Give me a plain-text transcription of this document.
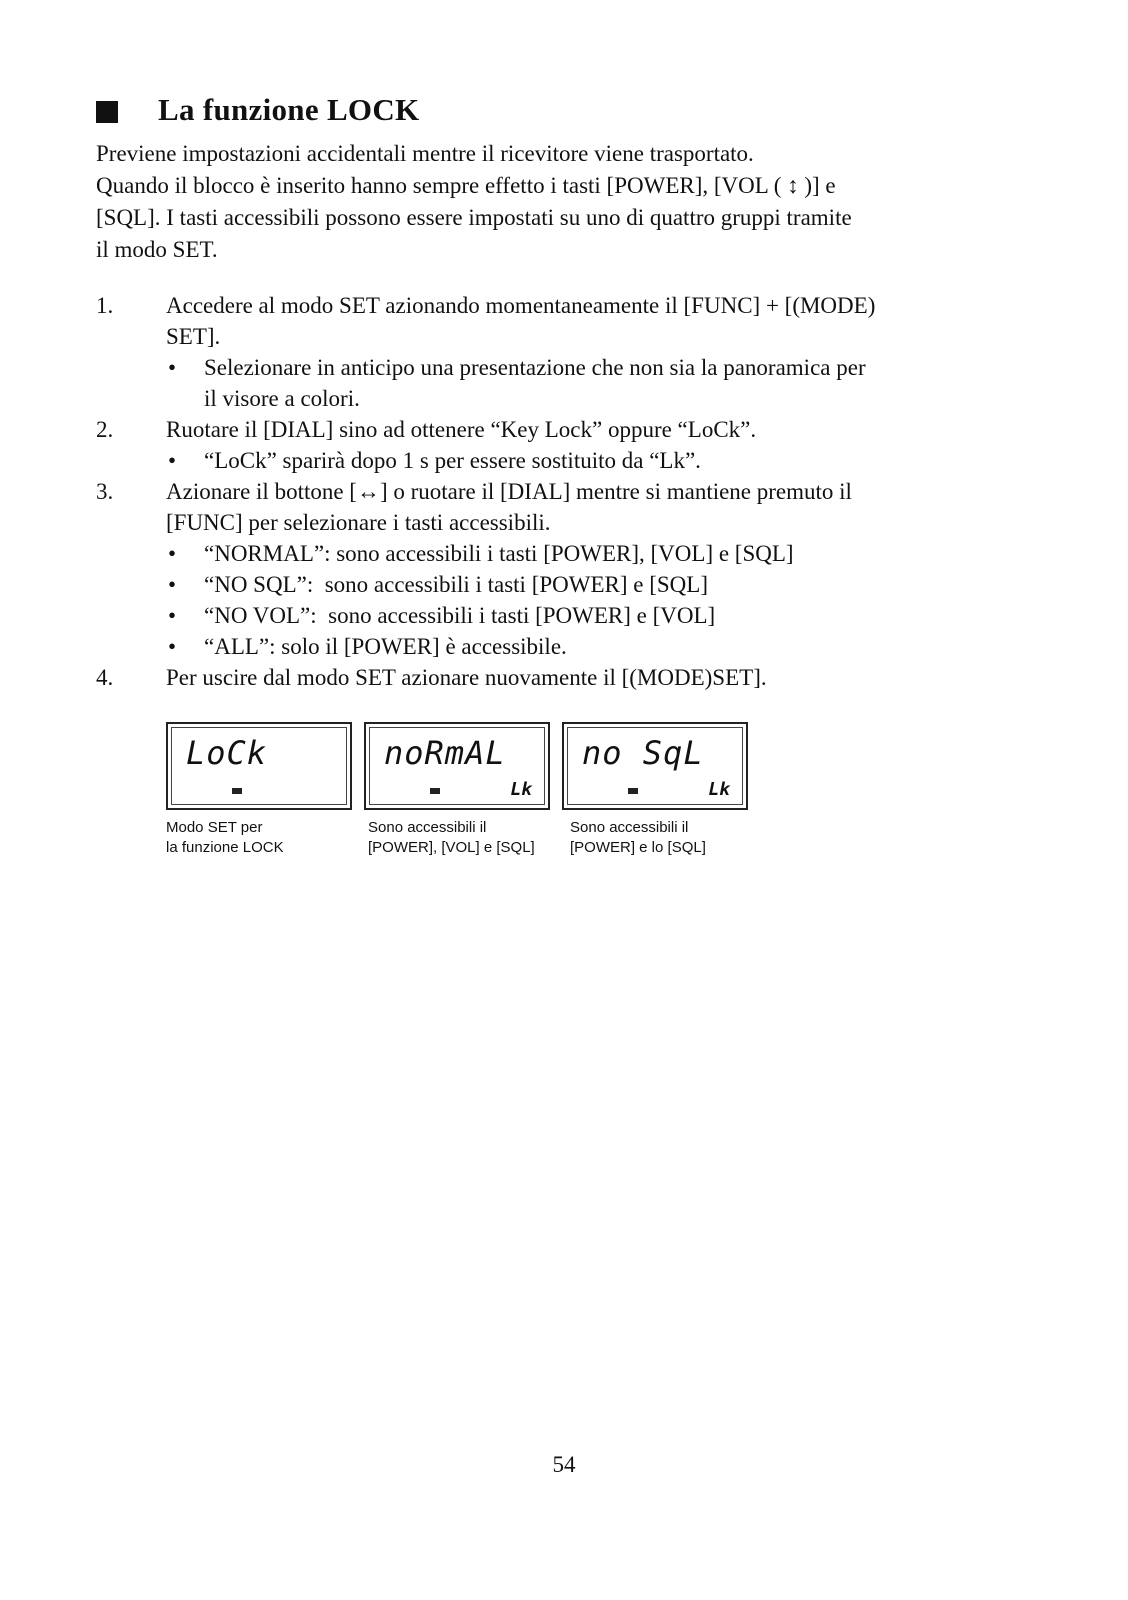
La funzione LOCK

Previene impostazioni accidentali mentre il ricevitore viene trasportato.

Quando il blocco è inserito hanno sempre effetto i tasti [POWER], [VOL ( ↕ )] e

[SQL]. I tasti accessibili possono essere impostati su uno di quattro gruppi tramite

il modo SET.

1.	Accedere al modo SET azionando momentaneamente il [FUNC] + [(MODE)
SET].
•	Selezionare in anticipo una presentazione che non sia la panoramica per
il visore a colori.
2.	Ruotare il [DIAL] sino ad ottenere “Key Lock” oppure “LoCk”.
•	“LoCk” sparirà dopo 1 s per essere sostituito da “Lk”.
3.	Azionare il bottone [↔] o ruotare il [DIAL] mentre si mantiene premuto il
[FUNC] per selezionare i tasti accessibili.
•	“NORMAL”: sono accessibili i tasti [POWER], [VOL] e [SQL]
•	“NO SQL”:  sono accessibili i tasti [POWER] e [SQL]
•	“NO VOL”:  sono accessibili i tasti [POWER] e [VOL]
•	“ALL”: solo il [POWER] è accessibile.
4.	Per uscire dal modo SET azionare nuovamente il [(MODE)SET].
LoCk	noRmAL
Lk
no SqL
Lk
Modo SET per
la funzione LOCK
Sono accessibili il
[POWER], [VOL] e [SQL]
Sono accessibili il
[POWER] e lo [SQL]
54
